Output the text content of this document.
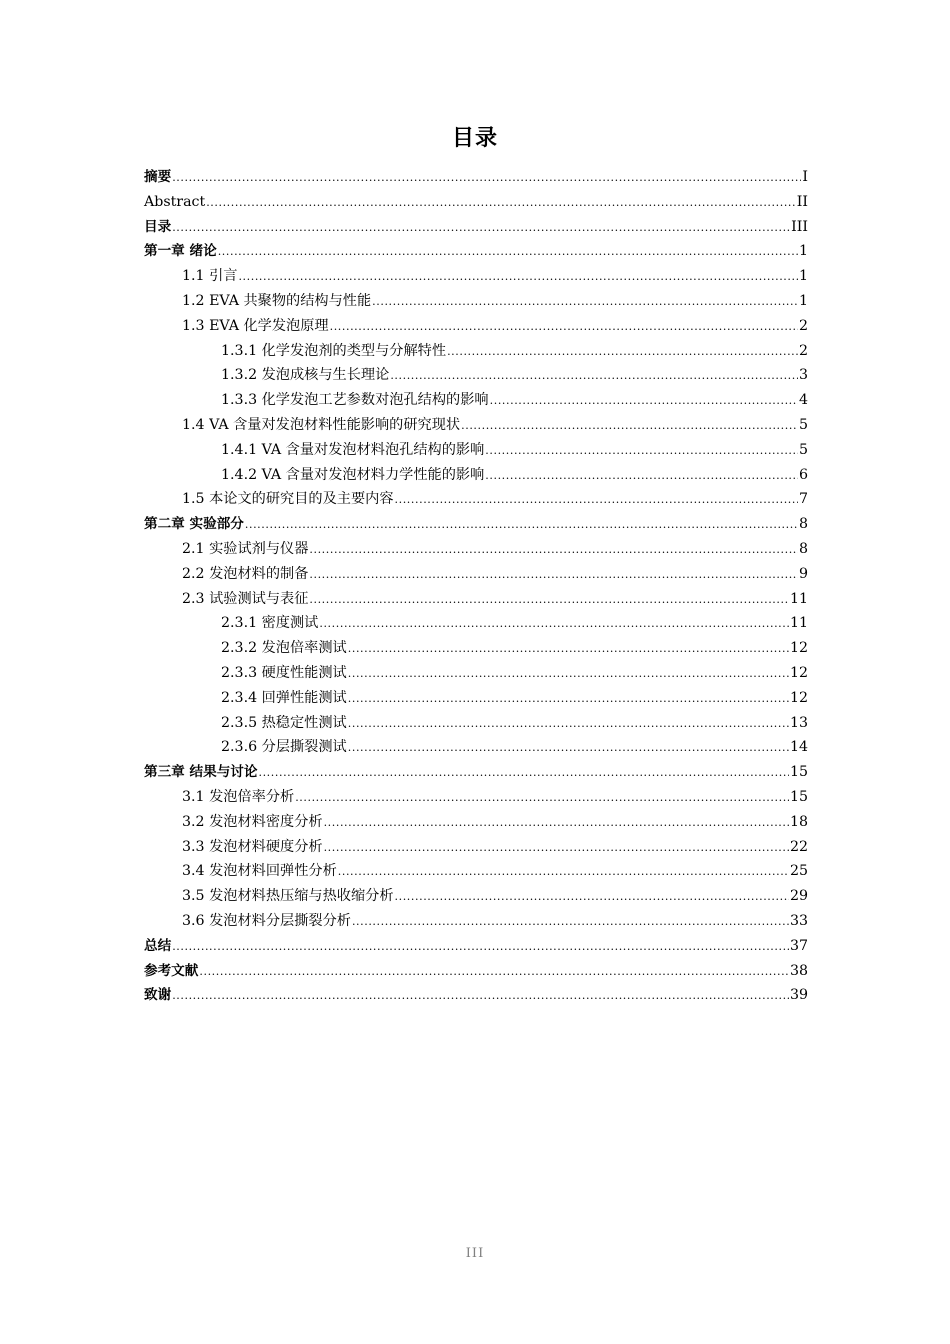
目录
摘要 .....	I
Abstract .....	II
目录 .....	III
第一章 绪论 .....	1
1.1 引言 .....	1
1.2 EVA 共聚物的结构与性能 .....	1
1.3 EVA 化学发泡原理 .....	2
1.3.1 化学发泡剂的类型与分解特性 .....	2
1.3.2 发泡成核与生长理论 .....	3
1.3.3 化学发泡工艺参数对泡孔结构的影响 .....	4
1.4 VA 含量对发泡材料性能影响的研究现状 .....	5
1.4.1 VA 含量对发泡材料泡孔结构的影响 .....	5
1.4.2 VA 含量对发泡材料力学性能的影响 .....	6
1.5 本论文的研究目的及主要内容 .....	7
第二章 实验部分 .....	8
2.1 实验试剂与仪器 .....	8
2.2 发泡材料的制备 .....	9
2.3 试验测试与表征 .....	11
2.3.1 密度测试 .....	11
2.3.2 发泡倍率测试 .....	12
2.3.3 硬度性能测试 .....	12
2.3.4 回弹性能测试 .....	12
2.3.5 热稳定性测试 .....	13
2.3.6 分层撕裂测试 .....	14
第三章 结果与讨论 .....	15
3.1 发泡倍率分析 .....	15
3.2 发泡材料密度分析 .....	18
3.3 发泡材料硬度分析 .....	22
3.4 发泡材料回弹性分析 .....	25
3.5 发泡材料热压缩与热收缩分析 .....	29
3.6 发泡材料分层撕裂分析 .....	33
总结 .....	37
参考文献 .....	38
致谢 .....	39
III
